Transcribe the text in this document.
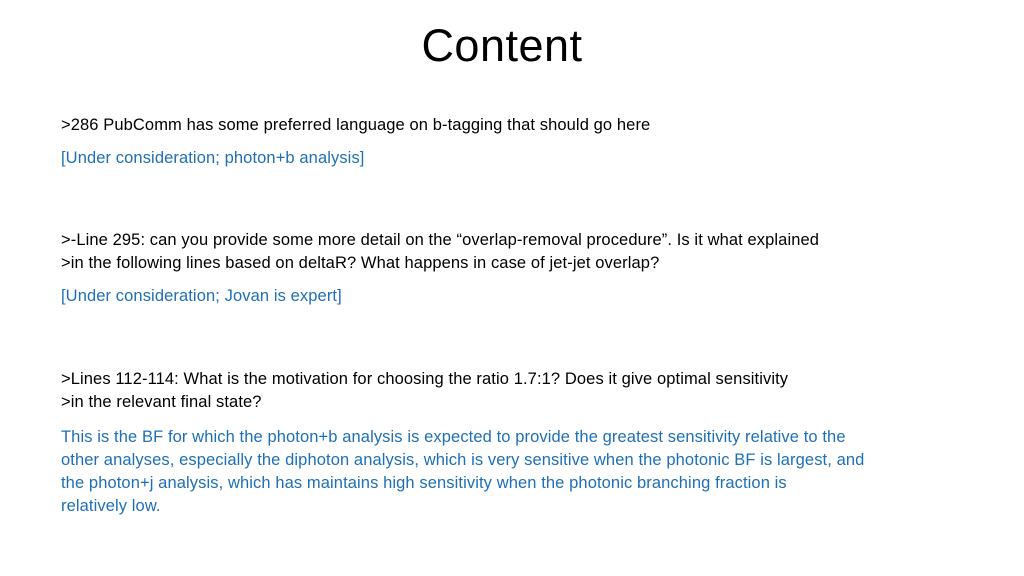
Content

>286 PubComm has some preferred language on b-tagging that should go here

[Under consideration; photon+b analysis]

>-Line 295: can you provide some more detail on the “overlap-removal procedure”. Is it what explained
>in the following lines based on deltaR? What happens in case of jet-jet overlap?

[Under consideration; Jovan is expert]

>Lines 112-114: What is the motivation for choosing the ratio 1.7:1? Does it give optimal sensitivity
>in the relevant final state?

This is the BF for which the photon+b analysis is expected to provide the greatest sensitivity relative to the
other analyses, especially the diphoton analysis, which is very sensitive when the photonic BF is largest, and
the photon+j analysis, which has maintains high sensitivity when the photonic branching fraction is
relatively low.
